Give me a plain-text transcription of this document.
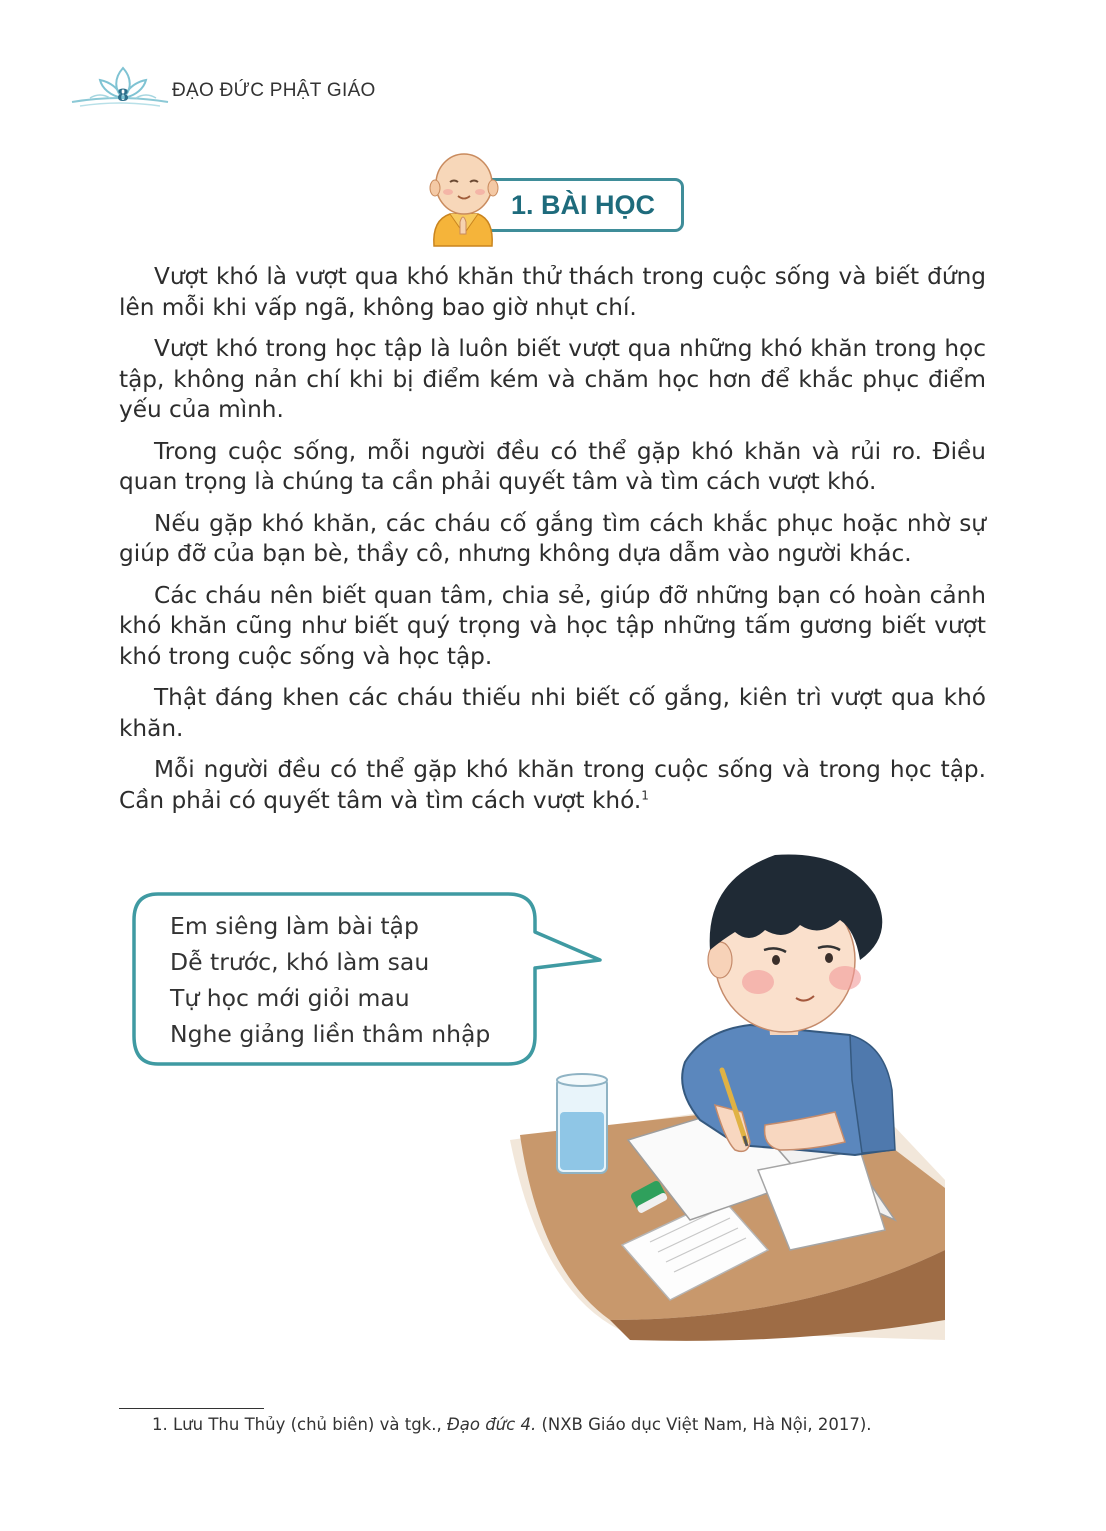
8 ĐẠO ĐỨC PHẬT GIÁO
1. BÀI HỌC

Vượt khó là vượt qua khó khăn thử thách trong cuộc sống và biết đứng lên mỗi khi vấp ngã, không bao giờ nhụt chí.

Vượt khó trong học tập là luôn biết vượt qua những khó khăn trong học tập, không nản chí khi bị điểm kém và chăm học hơn để khắc phục điểm yếu của mình.

Trong cuộc sống, mỗi người đều có thể gặp khó khăn và rủi ro. Điều quan trọng là chúng ta cần phải quyết tâm và tìm cách vượt khó.

Nếu gặp khó khăn, các cháu cố gắng tìm cách khắc phục hoặc nhờ sự giúp đỡ của bạn bè, thầy cô, nhưng không dựa dẫm vào người khác.

Các cháu nên biết quan tâm, chia sẻ, giúp đỡ những bạn có hoàn cảnh khó khăn cũng như biết quý trọng và học tập những tấm gương biết vượt khó trong cuộc sống và học tập.

Thật đáng khen các cháu thiếu nhi biết cố gắng, kiên trì vượt qua khó khăn.

Mỗi người đều có thể gặp khó khăn trong cuộc sống và trong học tập. Cần phải có quyết tâm và tìm cách vượt khó.$^1$

Em siêng làm bài tập
Dễ trước, khó làm sau
Tự học mới giỏi mau
Nghe giảng liền thâm nhập
1. Lưu Thu Thủy (chủ biên) và tgk., Đạo đức 4. (NXB Giáo dục Việt Nam, Hà Nội, 2017).
